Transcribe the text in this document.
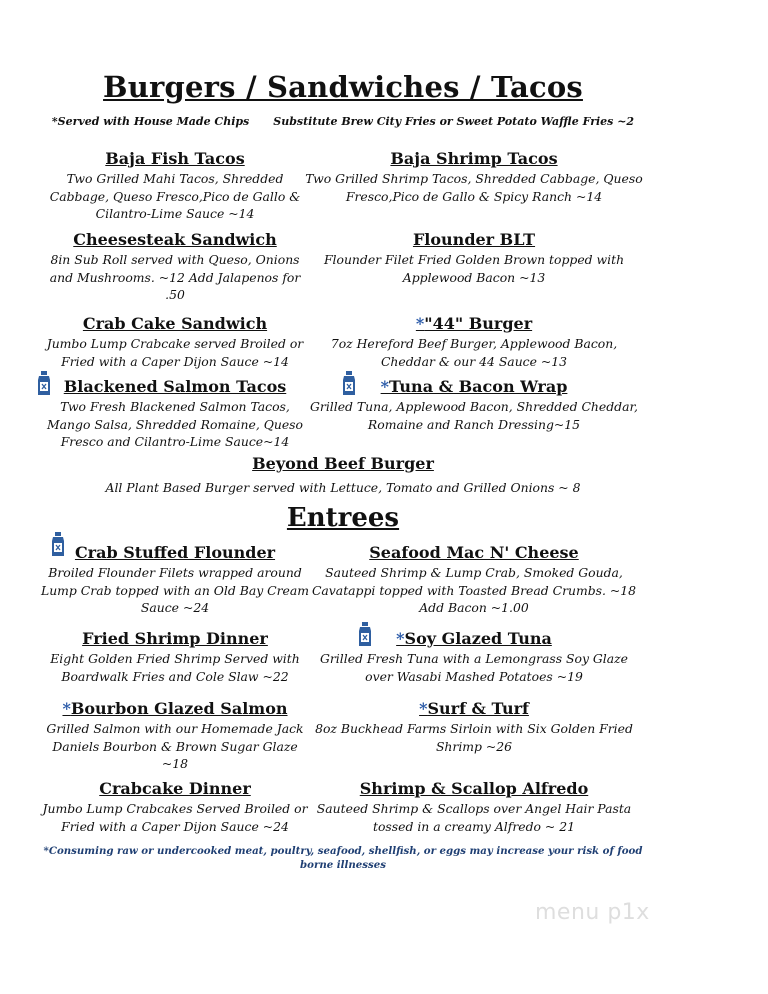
Burgers / Sandwiches / Tacos
*Served with House Made Chips Substitute Brew City Fries or Sweet Potato Waffle Fries ~2
Baja Fish Tacos
Two Grilled Mahi Tacos, Shredded Cabbage, Queso Fresco,Pico de Gallo & Cilantro-Lime Sauce ~14
Baja Shrimp Tacos
Two Grilled Shrimp Tacos, Shredded Cabbage, Queso Fresco,Pico de Gallo & Spicy Ranch ~14
Cheesesteak Sandwich
8in Sub Roll served with Queso, Onions and Mushrooms. ~12 Add Jalapenos for .50
Flounder BLT
Flounder Filet Fried Golden Brown topped with Applewood Bacon ~13
Crab Cake Sandwich
Jumbo Lump Crabcake served Broiled or Fried with a Caper Dijon Sauce ~14
*"44" Burger
7oz Hereford Beef Burger, Applewood Bacon, Cheddar & our 44 Sauce ~13
Blackened Salmon Tacos
Two Fresh Blackened Salmon Tacos, Mango Salsa, Shredded Romaine, Queso Fresco and Cilantro-Lime Sauce~14
*Tuna & Bacon Wrap
Grilled Tuna, Applewood Bacon, Shredded Cheddar, Romaine and Ranch Dressing~15
Beyond Beef Burger
All Plant Based Burger served with Lettuce, Tomato and Grilled Onions ~ 8
Entrees
Crab Stuffed Flounder
Broiled Flounder Filets wrapped around Lump Crab topped with an Old Bay Cream Sauce ~24
Seafood Mac N' Cheese
Sauteed Shrimp & Lump Crab, Smoked Gouda, Cavatappi topped with Toasted Bread Crumbs. ~18 Add Bacon ~1.00
Fried Shrimp Dinner
Eight Golden Fried Shrimp Served with Boardwalk Fries and Cole Slaw ~22
*Soy Glazed Tuna
Grilled Fresh Tuna with a Lemongrass Soy Glaze over Wasabi Mashed Potatoes ~19
*Bourbon Glazed Salmon
Grilled Salmon with our Homemade Jack Daniels Bourbon & Brown Sugar Glaze ~18
*Surf & Turf
8oz Buckhead Farms Sirloin with Six Golden Fried Shrimp ~26
Crabcake Dinner
Jumbo Lump Crabcakes Served Broiled or Fried with a Caper Dijon Sauce ~24
Shrimp & Scallop Alfredo
Sauteed Shrimp & Scallops over Angel Hair Pasta tossed in a creamy Alfredo ~ 21
*Consuming raw or undercooked meat, poultry, seafood, shellfish, or eggs may increase your risk of food borne illnesses
menu p1x
